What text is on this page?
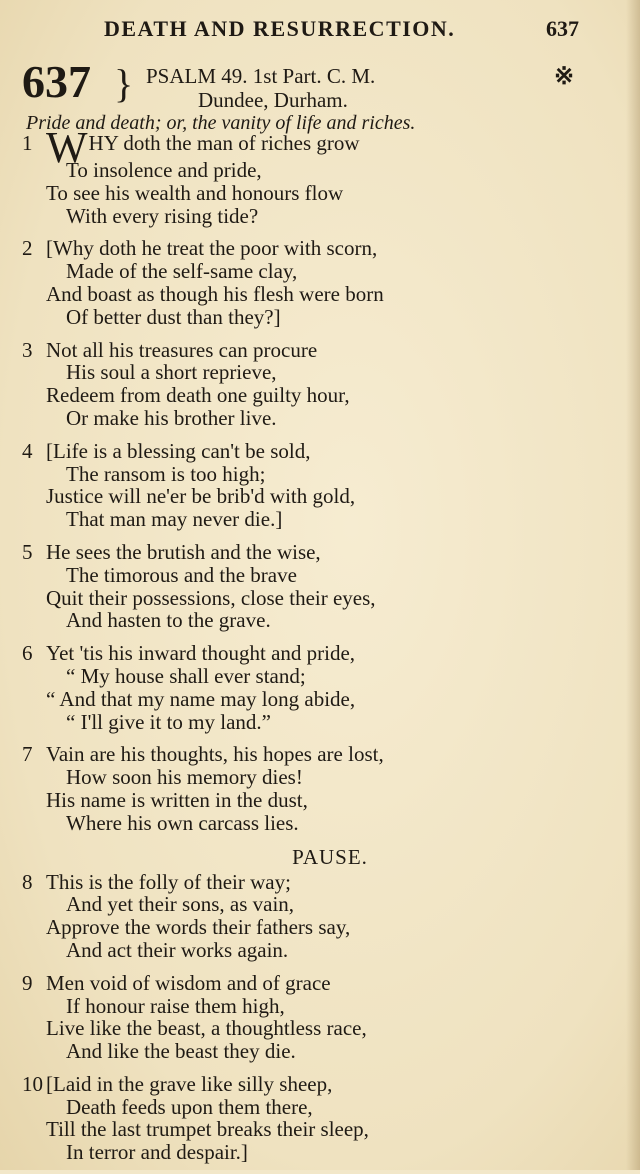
DEATH AND RESURRECTION.	637
637 } PSALM 49. 1st Part. C. M.
Dundee, Durham.
※
Pride and death; or, the vanity of life and riches.
1 WHY doth the man of riches grow
To insolence and pride,
To see his wealth and honours flow
With every rising tide?
2 [Why doth he treat the poor with scorn,
Made of the self-same clay,
And boast as though his flesh were born
Of better dust than they?]
3 Not all his treasures can procure
His soul a short reprieve,
Redeem from death one guilty hour,
Or make his brother live.
4 [Life is a blessing can't be sold,
The ransom is too high;
Justice will ne'er be brib'd with gold,
That man may never die.]
5 He sees the brutish and the wise,
The timorous and the brave
Quit their possessions, close their eyes,
And hasten to the grave.
6 Yet 'tis his inward thought and pride,
“ My house shall ever stand;
“ And that my name may long abide,
“ I'll give it to my land.”
7 Vain are his thoughts, his hopes are lost,
How soon his memory dies!
His name is written in the dust,
Where his own carcass lies.
PAUSE.
8 This is the folly of their way;
And yet their sons, as vain,
Approve the words their fathers say,
And act their works again.
9 Men void of wisdom and of grace
If honour raise them high,
Live like the beast, a thoughtless race,
And like the beast they die.
10 [Laid in the grave like silly sheep,
Death feeds upon them there,
Till the last trumpet breaks their sleep,
In terror and despair.]
